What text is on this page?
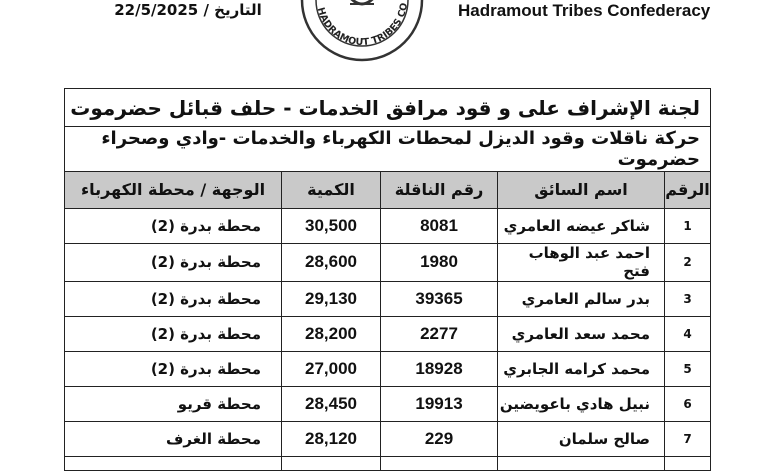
التاريخ / 22/5/2025	HADRAMOUT TRIBES CO	Hadramout Tribes Confederacy
لجنة الإشراف على و قود مرافق الخدمات - حلف قبائل حضرموت				
حركة ناقلات وقود الديزل لمحطات الكهرباء والخدمات -وادي وصحراء حضرموت				
الرقم	اسم السائق	رقم الناقلة	الكمية	الوجهة / محطة الكهرباء
1	شاكر عيضه العامري	8081	30,500	محطة بدرة (2)
2	احمد عبد الوهاب فتح	1980	28,600	محطة بدرة (2)
3	بدر سالم العامري	39365	29,130	محطة بدرة (2)
4	محمد سعد العامري	2277	28,200	محطة بدرة (2)
5	محمد كرامه الجابري	18928	27,000	محطة بدرة (2)
6	نبيل هادي باعويضين	19913	28,450	محطة قريو
7	صالح سلمان	229	28,120	محطة الغرف
